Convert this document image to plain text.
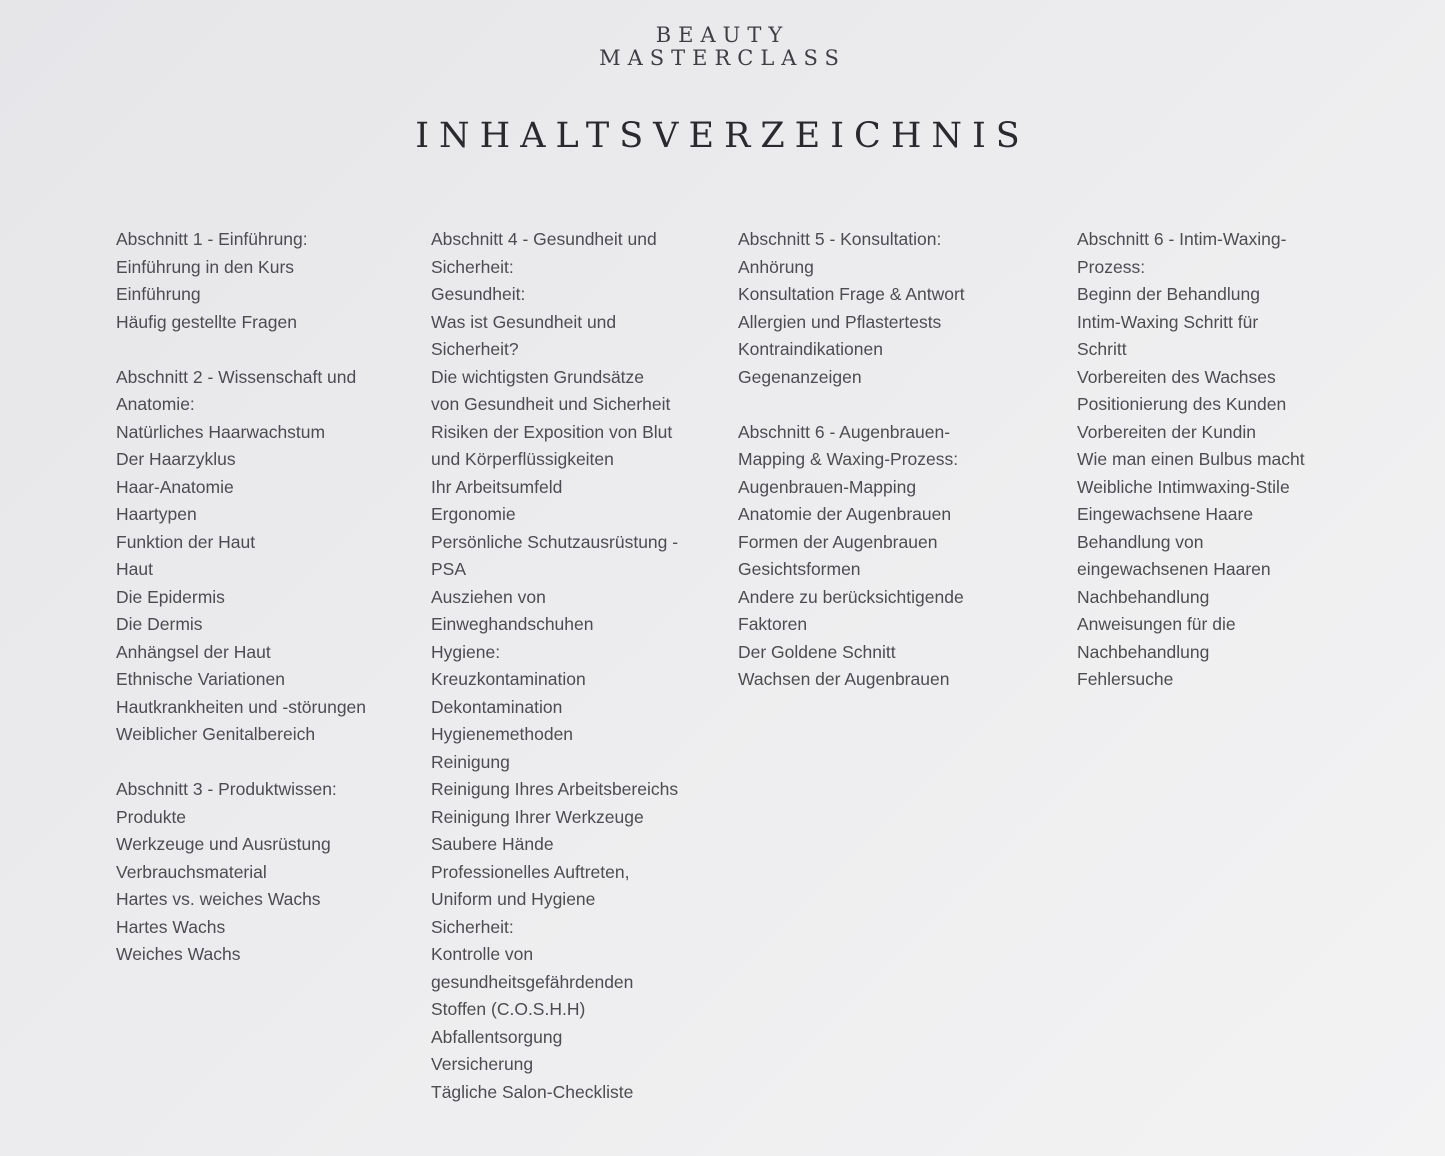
BEAUTY
MASTERCLASS
INHALTSVERZEICHNIS
Abschnitt 1 - Einführung:
Einführung in den Kurs
Einführung
Häufig gestellte Fragen
Abschnitt 2 - Wissenschaft und
Anatomie:
Natürliches Haarwachstum
Der Haarzyklus
Haar-Anatomie
Haartypen
Funktion der Haut
Haut
Die Epidermis
Die Dermis
Anhängsel der Haut
Ethnische Variationen
Hautkrankheiten und -störungen
Weiblicher Genitalbereich
Abschnitt 3 - Produktwissen:
Produkte
Werkzeuge und Ausrüstung
Verbrauchsmaterial
Hartes vs. weiches Wachs
Hartes Wachs
Weiches Wachs
Abschnitt 4 - Gesundheit und
Sicherheit:
Gesundheit:
Was ist Gesundheit und
Sicherheit?
Die wichtigsten Grundsätze
von Gesundheit und Sicherheit
Risiken der Exposition von Blut
und Körperflüssigkeiten
Ihr Arbeitsumfeld
Ergonomie
Persönliche Schutzausrüstung -
PSA
Ausziehen von
Einweghandschuhen
Hygiene:
Kreuzkontamination
Dekontamination
Hygienemethoden
Reinigung
Reinigung Ihres Arbeitsbereichs
Reinigung Ihrer Werkzeuge
Saubere Hände
Professionelles Auftreten,
Uniform und Hygiene
Sicherheit:
Kontrolle von
gesundheitsgefährdenden
Stoffen (C.O.S.H.H)
Abfallentsorgung
Versicherung
Tägliche Salon-Checkliste
Abschnitt 5 - Konsultation:
Anhörung
Konsultation Frage & Antwort
Allergien und Pflastertests
Kontraindikationen
Gegenanzeigen
Abschnitt 6 - Augenbrauen-
Mapping & Waxing-Prozess:
Augenbrauen-Mapping
Anatomie der Augenbrauen
Formen der Augenbrauen
Gesichtsformen
Andere zu berücksichtigende
Faktoren
Der Goldene Schnitt
Wachsen der Augenbrauen
Abschnitt 6 - Intim-Waxing-
Prozess:
Beginn der Behandlung
Intim-Waxing Schritt für
Schritt
Vorbereiten des Wachses
Positionierung des Kunden
Vorbereiten der Kundin
Wie man einen Bulbus macht
Weibliche Intimwaxing-Stile
Eingewachsene Haare
Behandlung von
eingewachsenen Haaren
Nachbehandlung
Anweisungen für die
Nachbehandlung
Fehlersuche
